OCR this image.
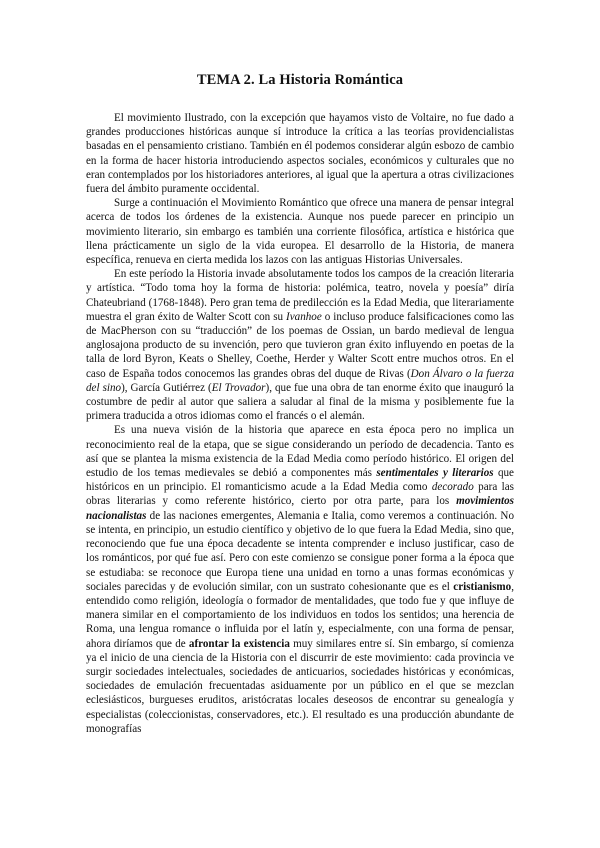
TEMA 2. La Historia Romántica

El movimiento Ilustrado, con la excepción que hayamos visto de Voltaire, no fue dado a grandes producciones históricas aunque sí introduce la crítica a las teorías providencialistas basadas en el pensamiento cristiano. También en él podemos considerar algún esbozo de cambio en la forma de hacer historia introduciendo aspectos sociales, económicos y culturales que no eran contemplados por los historiadores anteriores, al igual que la apertura a otras civilizaciones fuera del ámbito puramente occidental.

Surge a continuación el Movimiento Romántico que ofrece una manera de pensar integral acerca de todos los órdenes de la existencia. Aunque nos puede parecer en principio un movimiento literario, sin embargo es también una corriente filosófica, artística e histórica que llena prácticamente un siglo de la vida europea. El desarrollo de la Historia, de manera específica, renueva en cierta medida los lazos con las antiguas Historias Universales.

En este período la Historia invade absolutamente todos los campos de la creación literaria y artística. “Todo toma hoy la forma de historia: polémica, teatro, novela y poesía” diría Chateubriand (1768-1848). Pero gran tema de predilección es la Edad Media, que literariamente muestra el gran éxito de Walter Scott con su Ivanhoe o incluso produce falsificaciones como las de MacPherson con su “traducción” de los poemas de Ossian, un bardo medieval de lengua anglosajona producto de su invención, pero que tuvieron gran éxito influyendo en poetas de la talla de lord Byron, Keats o Shelley, Coethe, Herder y Walter Scott entre muchos otros. En el caso de España todos conocemos las grandes obras del duque de Rivas (Don Álvaro o la fuerza del sino), García Gutiérrez (El Trovador), que fue una obra de tan enorme éxito que inauguró la costumbre de pedir al autor que saliera a saludar al final de la misma y posiblemente fue la primera traducida a otros idiomas como el francés o el alemán.

Es una nueva visión de la historia que aparece en esta época pero no implica un reconocimiento real de la etapa, que se sigue considerando un período de decadencia. Tanto es así que se plantea la misma existencia de la Edad Media como período histórico. El origen del estudio de los temas medievales se debió a componentes más sentimentales y literarios que históricos en un principio. El romanticismo acude a la Edad Media como decorado para las obras literarias y como referente histórico, cierto por otra parte, para los movimientos nacionalistas de las naciones emergentes, Alemania e Italia, como veremos a continuación. No se intenta, en principio, un estudio científico y objetivo de lo que fuera la Edad Media, sino que, reconociendo que fue una época decadente se intenta comprender e incluso justificar, caso de los románticos, por qué fue así. Pero con este comienzo se consigue poner forma a la época que se estudiaba: se reconoce que Europa tiene una unidad en torno a unas formas económicas y sociales parecidas y de evolución similar, con un sustrato cohesionante que es el cristianismo, entendido como religión, ideología o formador de mentalidades, que todo fue y que influye de manera similar en el comportamiento de los individuos en todos los sentidos; una herencia de Roma, una lengua romance o influida por el latín y, especialmente, con una forma de pensar, ahora diríamos que de afrontar la existencia muy similares entre sí. Sin embargo, sí comienza ya el inicio de una ciencia de la Historia con el discurrir de este movimiento: cada provincia ve surgir sociedades intelectuales, sociedades de anticuarios, sociedades históricas y económicas, sociedades de emulación frecuentadas asiduamente por un público en el que se mezclan eclesiásticos, burgueses eruditos, aristócratas locales deseosos de encontrar su genealogía y especialistas (coleccionistas, conservadores, etc.). El resultado es una producción abundante de monografías
